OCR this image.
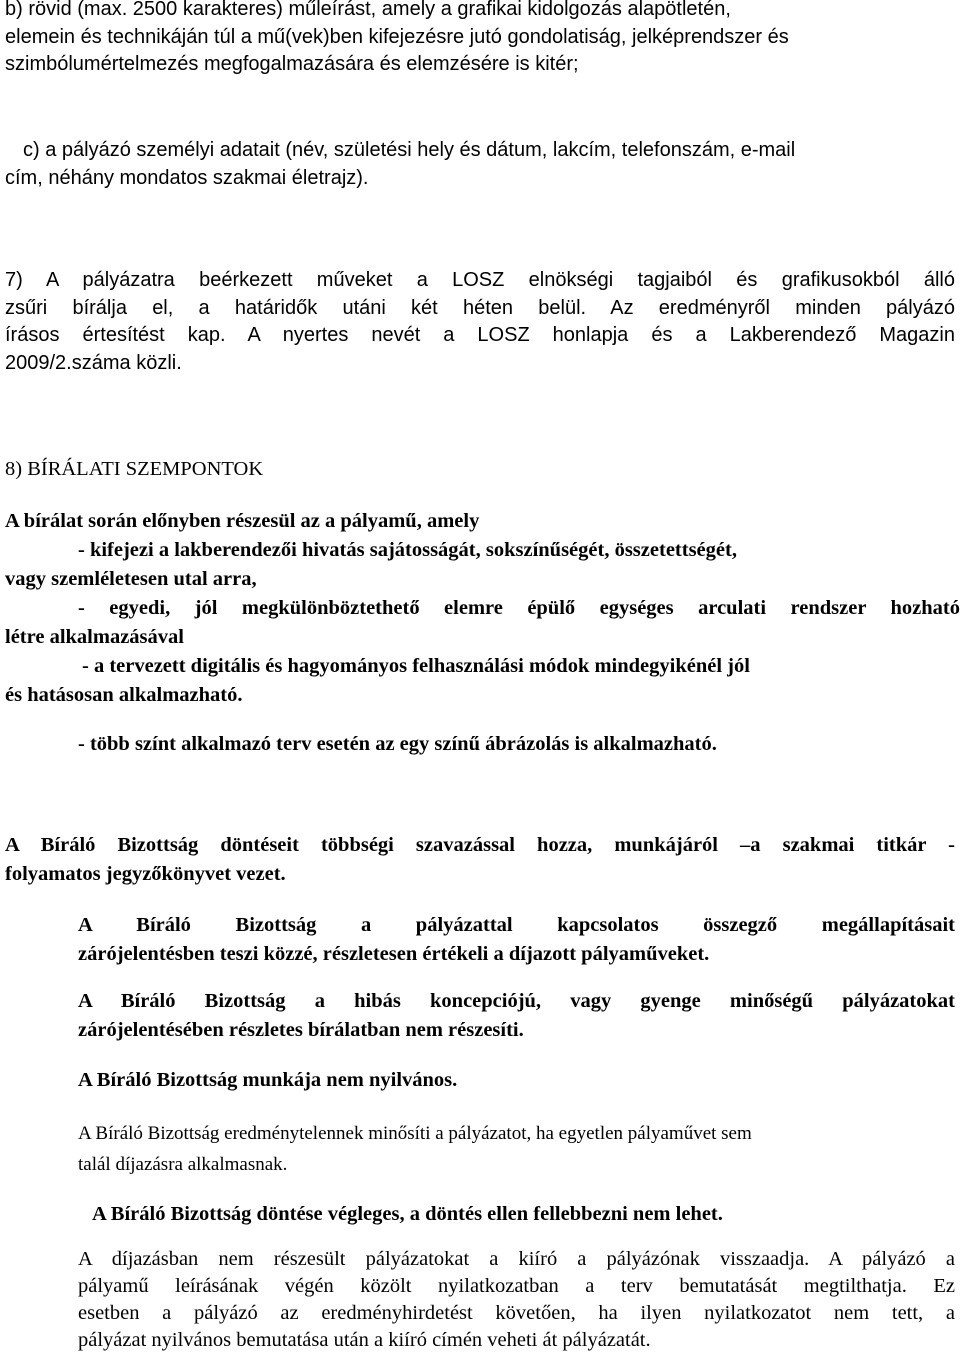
b) rövid (max. 2500 karakteres) műleírást, amely a grafikai kidolgozás alapötletén,
elemein és technikáján túl a mű(vek)ben kifejezésre jutó gondolatiság, jelképrendszer és
szimbólumértelmezés megfogalmazására és elemzésére is kitér;
c) a pályázó személyi adatait (név, születési hely és dátum, lakcím, telefonszám, e-mail
cím, néhány mondatos szakmai életrajz).
7) A pályázatra beérkezett műveket a LOSZ elnökségi tagjaiból és grafikusokból álló
zsűri bírálja el, a határidők utáni két héten belül. Az eredményről minden pályázó
írásos értesítést kap. A nyertes nevét a LOSZ honlapja és a Lakberendező Magazin
2009/2.száma közli.
8) BÍRÁLATI SZEMPONTOK
A bírálat során előnyben részesül az a pályamű, amely
- kifejezi a lakberendezői hivatás sajátosságát, sokszínűségét, összetettségét,
vagy szemléletesen utal arra,
- egyedi, jól megkülönböztethető elemre épülő egységes arculati rendszer hozható
létre alkalmazásával
- a tervezett digitális és hagyományos felhasználási módok mindegyikénél jól
és hatásosan alkalmazható.
- több színt alkalmazó terv esetén az egy színű ábrázolás is alkalmazható.
A Bíráló Bizottság döntéseit többségi szavazással hozza, munkájáról –a szakmai titkár -
folyamatos jegyzőkönyvet vezet.
A Bíráló Bizottság a pályázattal kapcsolatos összegző megállapításait
zárójelentésben teszi közzé, részletesen értékeli a díjazott pályaműveket.
A Bíráló Bizottság a hibás koncepciójú, vagy gyenge minőségű pályázatokat
zárójelentésében részletes bírálatban nem részesíti.
A Bíráló Bizottság munkája nem nyilvános.
A Bíráló Bizottság eredménytelennek minősíti a pályázatot, ha egyetlen pályaművet sem
talál díjazásra alkalmasnak.
A Bíráló Bizottság döntése végleges, a döntés ellen fellebbezni nem lehet.
A díjazásban nem részesült pályázatokat a kiíró a pályázónak visszaadja. A pályázó a
pályamű leírásának végén közölt nyilatkozatban a terv bemutatását megtilthatja. Ez
esetben a pályázó az eredményhirdetést követően, ha ilyen nyilatkozatot nem tett, a
pályázat nyilvános bemutatása után a kiíró címén veheti át pályázatát.
